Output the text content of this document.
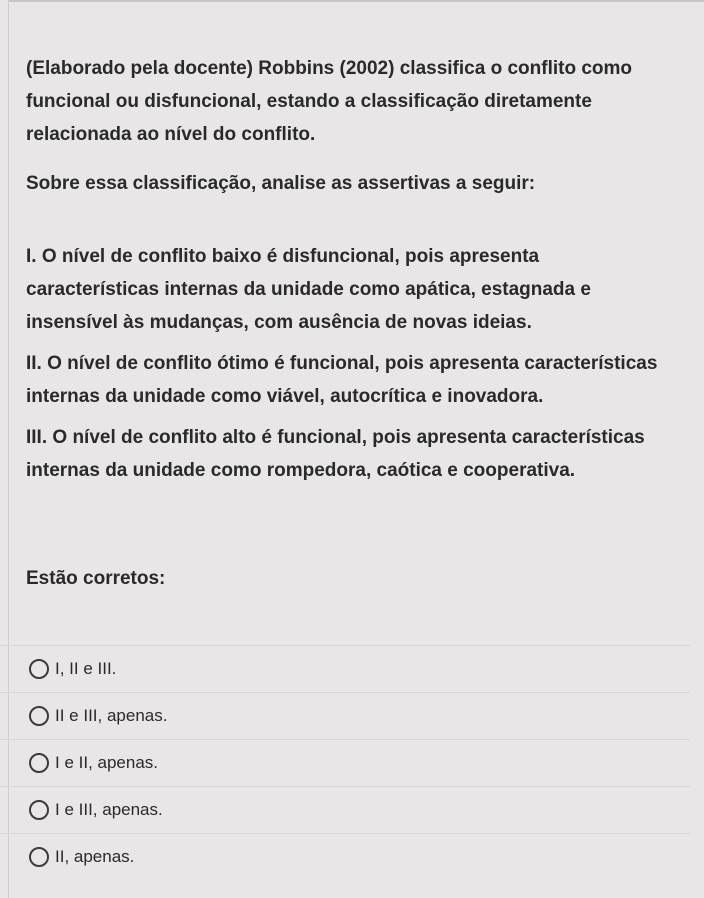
(Elaborado pela docente) Robbins (2002) classifica o conflito como funcional ou disfuncional, estando a classificação diretamente relacionada ao nível do conflito.

Sobre essa classificação, analise as assertivas a seguir:

I. O nível de conflito baixo é disfuncional, pois apresenta características internas da unidade como apática, estagnada e insensível às mudanças, com ausência de novas ideias.

II. O nível de conflito ótimo é funcional, pois apresenta características internas da unidade como viável, autocrítica e inovadora.

III. O nível de conflito alto é funcional, pois apresenta características internas da unidade como rompedora, caótica e cooperativa.

Estão corretos:
I, II e III.
II e III, apenas.
I e II, apenas.
I e III, apenas.
II, apenas.
